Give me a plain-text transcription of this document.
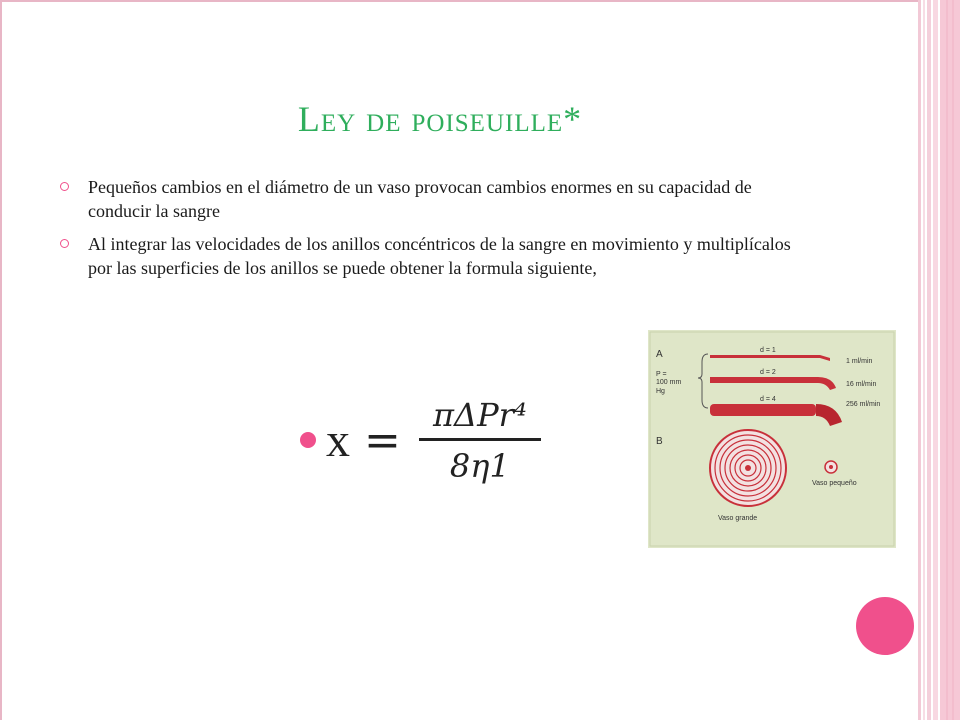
Ley de poiseuille*
Pequeños cambios en el diámetro de un vaso provocan cambios enormes en su capacidad de conducir la sangre
Al integrar las velocidades de los anillos concéntricos de la sangre en movimiento y multiplícalos por las superficies de los anillos se puede obtener la formula siguiente,
$x = \frac{\text{πΔPr⁴}}{8\eta 1}$
A
P =
100 mm
Hg
d = 1
1 ml/min
d = 2
16 ml/min
d = 4
256 ml/min
B
Vaso grande
Vaso pequeño
